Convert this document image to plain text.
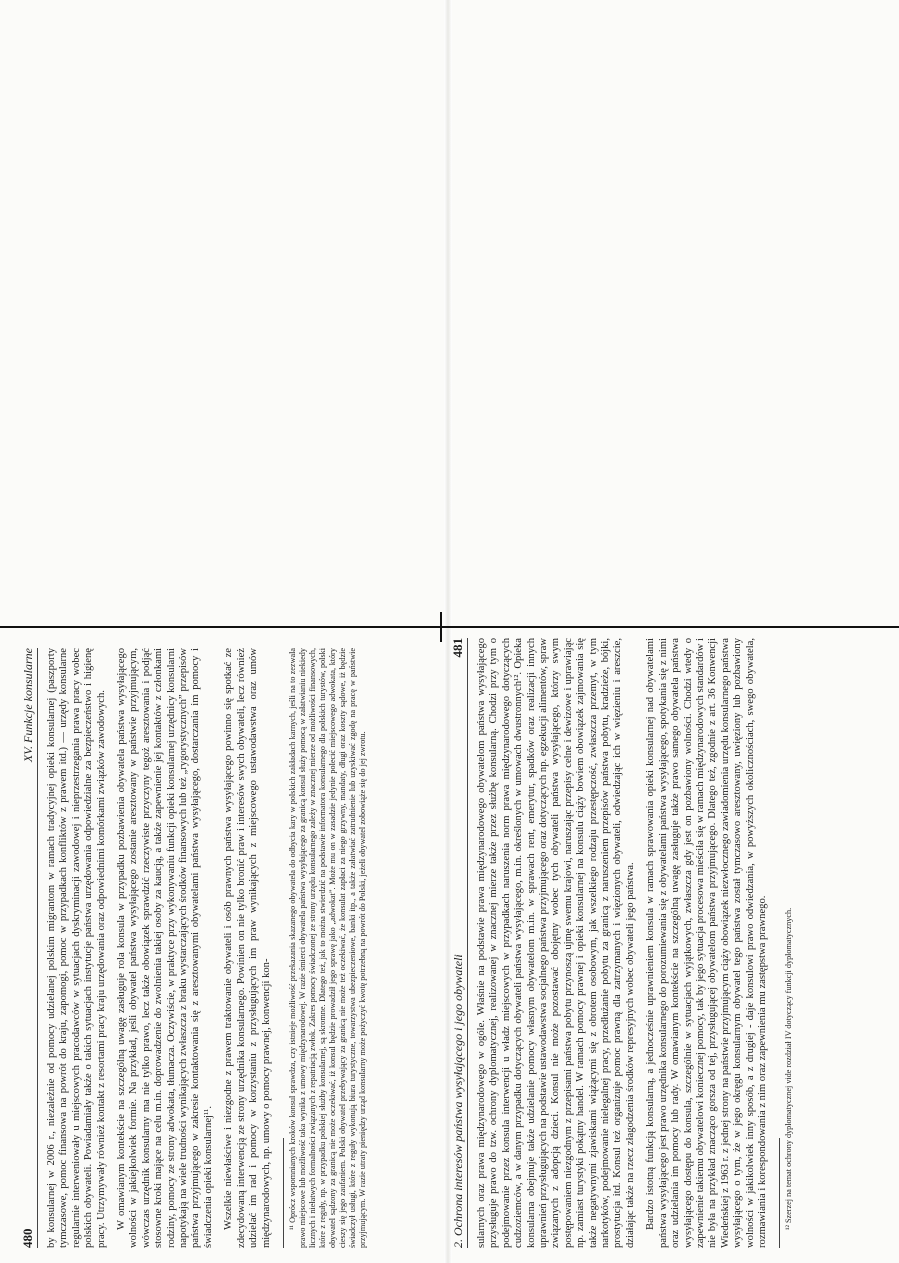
480
XV. Funkcje konsularne by konsularnej w 2006 r., niezależnie od pomocy udzielanej polskim migrantom w ramach tradycyjnej opieki konsularnej (paszporty tymczasowe, pomoc finansowa na powrót do kraju, zapomogi, pomoc w przypadkach konfliktów z prawem itd.) — urzędy konsularne regularnie interweniowały u miejscowych pracodawców w sytuacjach dyskryminacji zawodowej i nieprzestrzegania prawa pracy wobec polskich obywateli. Powiadamiały także o takich sytuacjach instytucje państwa urzędowania odpowiedzialne za bezpieczeństwo i higienę pracy. Utrzymywały również kontakt z resortami pracy kraju urzędowania oraz odpowiednimi komórkami związków zawodowych. W omawianym kontekście na szczególną uwagę zasługuje rola konsula w przypadku pozbawienia obywatela państwa wysyłającego wolności w jakiejkolwiek formie. Na przykład, jeśli obywatel państwa wysyłającego zostanie aresztowany w państwie przyjmującym, wówczas urzędnik konsularny ma nie tylko prawo, lecz także obowiązek sprawdzić rzeczywiste przyczyny tegoż aresztowania i podjąć stosowne kroki mające na celu m.in. doprowadzenie do zwolnienia takiej osoby za kaucją, a także zapewnienie jej kontaktów z członkami rodziny, pomocy ze strony adwokata, tłumacza. Oczywiście, w praktyce przy wykonywaniu funkcji opieki konsularnej urzędnicy konsularni napotykają na wiele trudności wynikających zwłaszcza z braku wystarczających środków finansowych lub też „rygorystycznych” przepisów państwa przyjmującego w zakresie kontaktowania się z aresztowanymi obywatelami państwa wysyłającego, dostarczania im pomocy i świadczenia opieki konsularnej¹¹. Wszelkie niewłaściwe i niezgodne z prawem traktowanie obywateli i osób prawnych państwa wysyłającego powinno się spotkać ze zdecydowaną interwencją ze strony urzędnika konsularnego. Powinien on nie tylko bronić praw i interesów swych obywateli, lecz również udzielać im rad i pomocy w korzystaniu z przysługujących im praw wynikających z miejscowego ustawodawstwa oraz umów międzynarodowych, np. umowy o pomocy prawnej, konwencji kon- ¹¹ Oprócz wspomnianych kroków konsul sprawdza, czy istnieje możliwość przekazania skazanego obywatela do odbycia kary w polskich zakładach karnych, jeśli na to zezwala prawo miejscowe lub możliwość taka wynika z umowy międzynarodowej. W razie śmierci obywatela państwa wysyłającego za granicą konsul służy pomocą w załatwianiu niekiedy licznych i niełatwych formalności związanych z repatriacją zwłok. Zakres pomocy świadczonej ze strony urzędu konsularnego zależy w znacznej mierze od możliwości finansowych, które z reguły, np. w przypadku polskiej służby konsularnej, są skromne. Dlatego też, jak to można stwierdzić na podstawie informatora konsularnego dla polskich turystów, polski obywatel sądzony za granicą nie może oczekiwać, iż konsul będzie prowadził jego sprawę jako „adwokat”. Może mu on w zasadzie jedynie polecić miejscowego adwokata, który cieszy się jego zaufaniem. Polski obywatel przebywający za granicą nie może też oczekiwać, że konsulat zapłaci za niego grzywny, mandaty, długi oraz koszty sądowe, iż będzie świadczył usługi, które z reguły wykonują biura turystyczne, towarzystwa ubezpieczeniowe, banki itp., a także załatwiać zatrudnienie lub uzyskiwać zgodę na pracę w państwie przyjmującym. W razie utraty pieniędzy urząd konsularny może pożyczyć kwotę potrzebną na powrót do Polski, jeżeli obywatel zobowiąże się do jej zwrotu.	2. Ochrona interesów państwa wysyłającego i jego obywateli
481 sularnych oraz prawa międzynarodowego w ogóle. Właśnie na podstawie prawa międzynarodowego obywatelom państwa wysyłającego przysługuje prawo do tzw. ochrony dyplomatycznej, realizowanej w znacznej mierze także przez służbę konsularną. Chodzi przy tym o podejmowanie przez konsula interwencji u władz miejscowych w przypadkach naruszenia norm prawa międzynarodowego dotyczących cudzoziemców, a w danym przypadku dotyczących obywateli państwa wysyłającego, m.in. określonych w umowach dwustronnych¹². Opieka konsularna obejmuje także udzielanie pomocy własnym obywatelom m.in. w sprawach rent, emerytur, spadków oraz realizacji innych uprawnień przysługujących na podstawie ustawodawstwa socjalnego państwa przyjmującego oraz dotyczących np. egzekucji alimentów, spraw związanych z adopcją dzieci. Konsul nie może pozostawać obojętny wobec tych obywateli państwa wysyłającego, którzy swym postępowaniem niezgodnym z przepisami państwa pobytu przynoszą ujmę swemu krajowi, naruszając przepisy celne i dewizowe i uprawiając np. zamiast turystyki pokątny handel. W ramach pomocy prawnej i opieki konsularnej na konsulu ciąży bowiem obowiązek zajmowania się także negatywnymi zjawiskami wiążącymi się z obrotem osobowym, jak wszelkiego rodzaju przestępczość, zwłaszcza przemyt, w tym narkotyków, podejmowanie nielegalnej pracy, przedłużanie pobytu za granicą z naruszeniem przepisów państwa pobytu, kradzieże, bójki, prostytucja itd. Konsul też organizuje pomoc prawną dla zatrzymanych i więzionych obywateli, odwiedzając ich w więzieniu i areszcie, działając także na rzecz złagodzenia środków represyjnych wobec obywateli jego państwa. Bardzo istotną funkcją konsularną, a jednocześnie uprawnieniem konsula w ramach sprawowania opieki konsularnej nad obywatelami państwa wysyłającego jest prawo urzędnika konsularnego do porozumiewania się z obywatelami państwa wysyłającego, spotykania się z nimi oraz udzielania im pomocy lub rady. W omawianym kontekście na szczególną uwagę zasługuje także prawo samego obywatela państwa wysyłającego dostępu do konsula, szczególnie w sytuacjach wyjątkowych, zwłaszcza gdy jest on pozbawiony wolności. Chodzi wtedy o zapewnienie takiemu obywatelowi koniecznej pomocy, tak by jego sytuacja procesowa mieściła się w ramach międzynarodowych standardów i nie była na przykład znacząco gorsza od tej, przysługującej obywatelom państwa przyjmującego. Dlatego też, zgodnie z art. 36 Konwencji Wiedeńskiej z 1963 r. z jednej strony na państwie przyjmującym ciąży obowiązek niezwłocznego zawiadomienia urzędu konsularnego państwa wysyłającego o tym, że w jego okręgu konsularnym obywatel tego państwa został tymczasowo aresztowany, uwięziony lub pozbawiony wolności w jakikolwiek inny sposób, a z drugiej - daje konsulowi prawo odwiedzania, w powyższych okolicznościach, swego obywatela, rozmawiania i korespondowania z nim oraz zapewnienia mu zastępstwa prawnego. ¹² Szerzej na temat ochrony dyplomatycznej vide rozdział IV dotyczący funkcji dyplomatycznych.
